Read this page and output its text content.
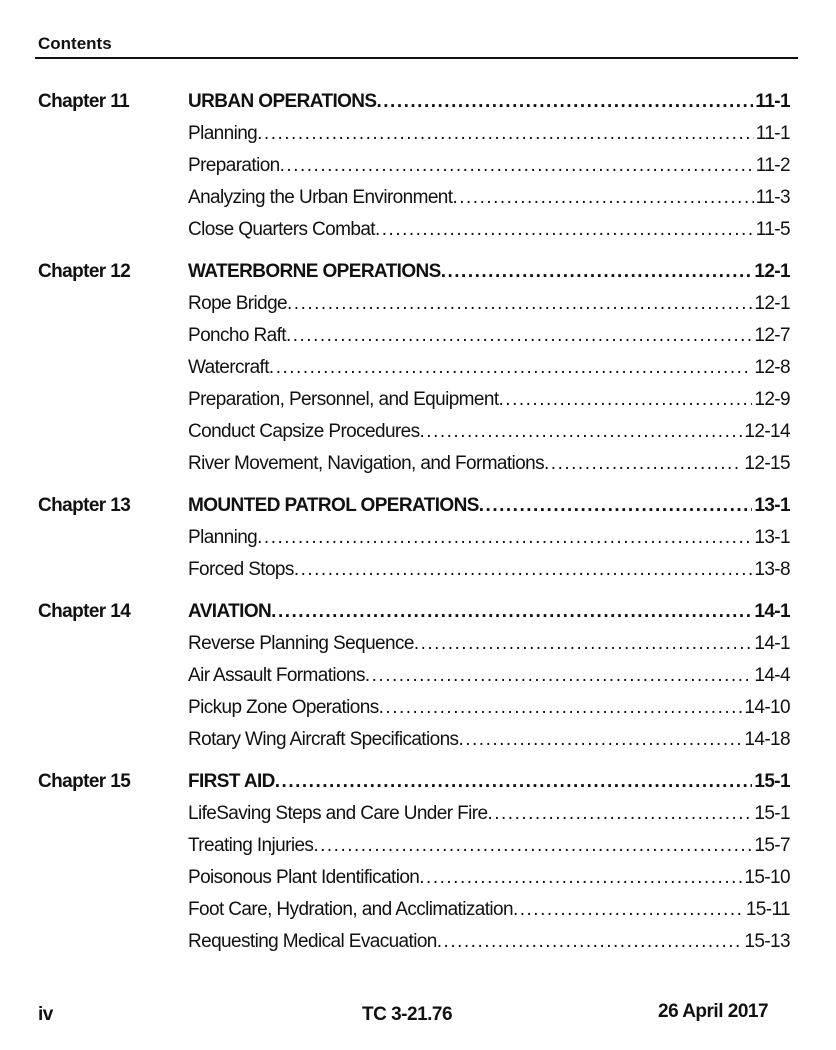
Contents
Chapter 11	URBAN OPERATIONS .....	11-1
Planning .....	11-1
Preparation .....	11-2
Analyzing the Urban Environment .....	11-3
Close Quarters Combat .....	11-5
Chapter 12	WATERBORNE OPERATIONS .....	12-1
Rope Bridge .....	12-1
Poncho Raft .....	12-7
Watercraft .....	12-8
Preparation, Personnel, and Equipment .....	12-9
Conduct Capsize Procedures .....	12-14
River Movement, Navigation, and Formations .....	12-15
Chapter 13	MOUNTED PATROL OPERATIONS .....	13-1
Planning .....	13-1
Forced Stops .....	13-8
Chapter 14	AVIATION .....	14-1
Reverse Planning Sequence .....	14-1
Air Assault Formations .....	14-4
Pickup Zone Operations .....	14-10
Rotary Wing Aircraft Specifications .....	14-18
Chapter 15	FIRST AID .....	15-1
LifeSaving Steps and Care Under Fire .....	15-1
Treating Injuries .....	15-7
Poisonous Plant Identification .....	15-10
Foot Care, Hydration, and Acclimatization .....	15-11
Requesting Medical Evacuation .....	15-13
iv	TC 3-21.76	26 April 2017
